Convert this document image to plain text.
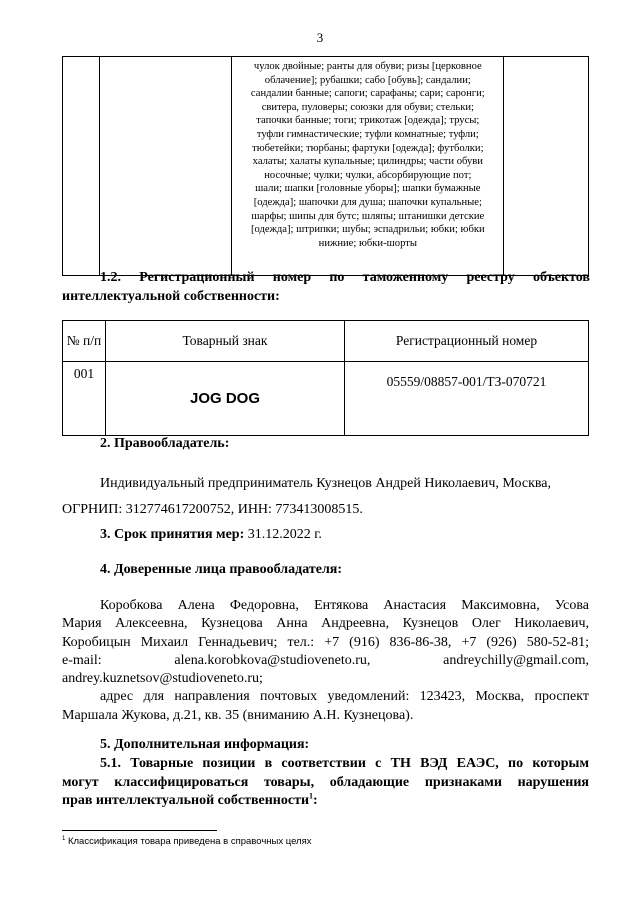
3

чулок двойные; ранты для обуви; ризы [церковное
облачение]; рубашки; сабо [обувь]; сандалии;
сандалии банные; сапоги; сарафаны; сари; саронги;
свитера, пуловеры; союзки для обуви; стельки;
тапочки банные; тоги; трикотаж [одежда]; трусы;
туфли гимнастические; туфли комнатные; туфли;
тюбетейки; тюрбаны; фартуки [одежда]; футболки;
халаты; халаты купальные; цилиндры; части обуви
носочные; чулки; чулки, абсорбирующие пот;
шали; шапки [головные уборы]; шапки бумажные
[одежда]; шапочки для душа; шапочки купальные;
шарфы; шипы для бутс; шляпы; штанишки детские
[одежда]; штрипки; шубы; эспадрильи; юбки; юбки
нижние; юбки-шорты

1.2. Регистрационный номер по таможенному реестру объектов
интеллектуальной собственности:
№ п/п	Товарный знак	Регистрационный номер
001	JOG DOG	05559/08857-001/ТЗ-070721
2. Правообладатель:
Индивидуальный предприниматель Кузнецов Андрей Николаевич, Москва,
ОГРНИП: 312774617200752, ИНН: 773413008515.
3. Срок принятия мер: 31.12.2022 г.
4. Доверенные лица правообладателя:
Коробкова Алена Федоровна, Ентякова Анастасия Максимовна, Усова
Мария Алексеевна, Кузнецова Анна Андреевна, Кузнецов Олег Николаевич,
Коробицын Михаил Геннадьевич; тел.: +7 (916) 836-86-38, +7 (926) 580-52-81;
e-mail: alena.korobkova@studioveneto.ru, andreychilly@gmail.com,
andrey.kuznetsov@studioveneto.ru;
адрес для направления почтовых уведомлений: 123423, Москва, проспект
Маршала Жукова, д.21, кв. 35 (вниманию А.Н. Кузнецова).
5. Дополнительная информация:
5.1. Товарные позиции в соответствии с ТН ВЭД ЕАЭС, по которым
могут классифицироваться товары, обладающие признаками нарушения
прав интеллектуальной собственности$^1$:
$^1$ Классификация товара приведена в справочных целях
